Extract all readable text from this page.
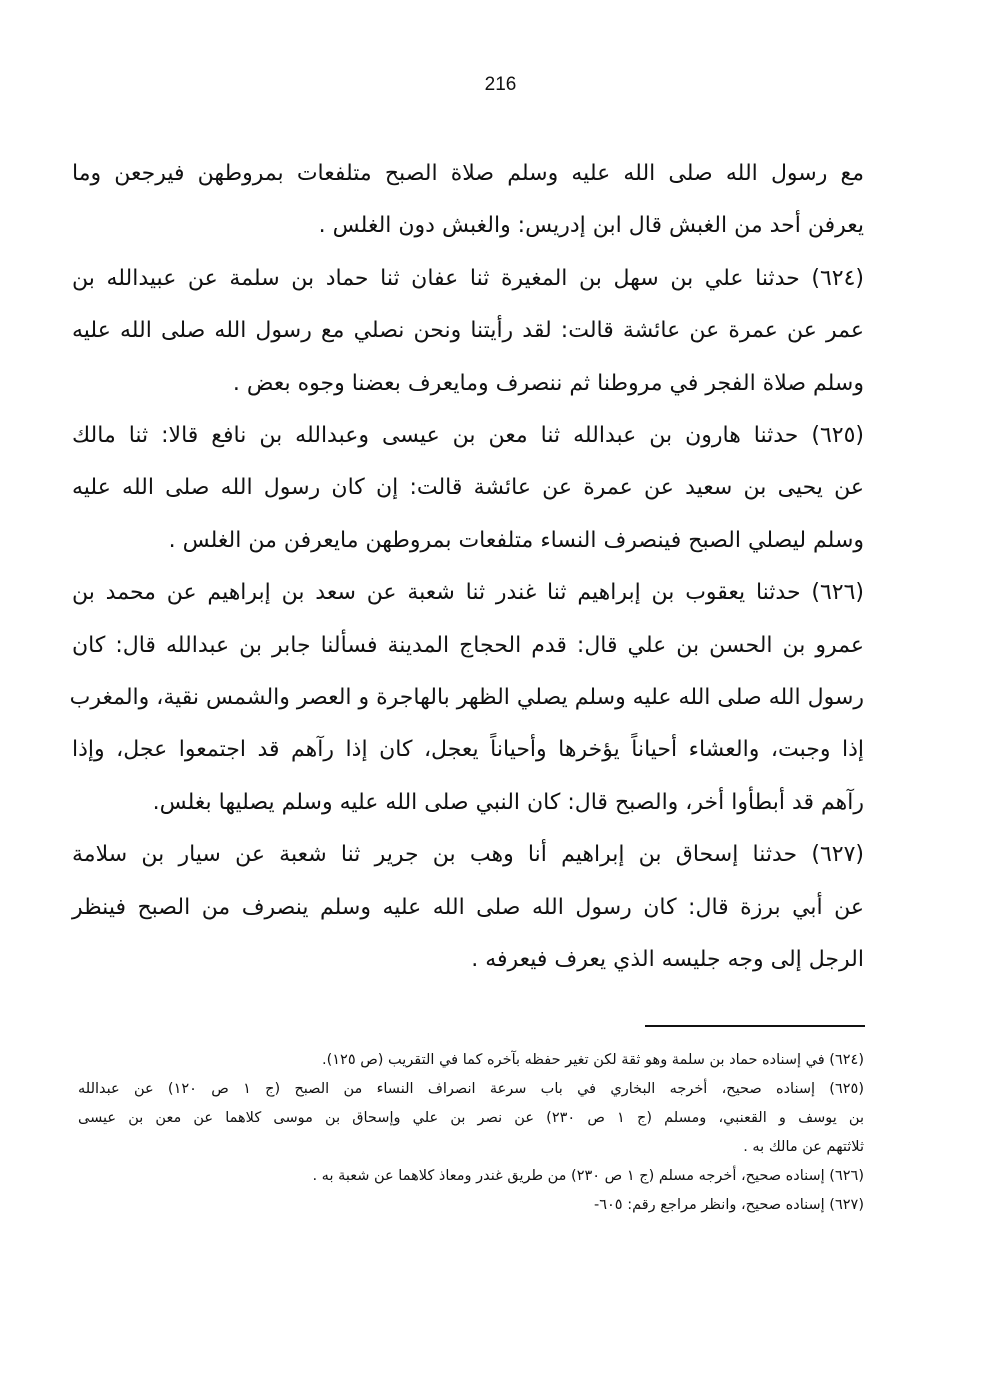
216
مع رسول الله صلى الله عليه وسلم صلاة الصبح متلفعات بمروطهن فيرجعن وما
يعرفن أحد من الغبش قال ابن إدريس: والغبش دون الغلس .
(٦٢٤) حدثنا علي بن سهل بن المغيرة ثنا عفان ثنا حماد بن سلمة عن عبيدالله بن
عمر عن عمرة عن عائشة قالت: لقد رأيتنا ونحن نصلي مع رسول الله صلى الله عليه
وسلم صلاة الفجر في مروطنا ثم ننصرف ومايعرف بعضنا وجوه بعض .
(٦٢٥) حدثنا هارون بن عبدالله ثنا معن بن عيسى وعبدالله بن نافع قالا: ثنا مالك
عن يحيى بن سعيد عن عمرة عن عائشة قالت: إن كان رسول الله صلى الله عليه
وسلم ليصلي الصبح فينصرف النساء متلفعات بمروطهن مايعرفن من الغلس .
(٦٢٦) حدثنا يعقوب بن إبراهيم ثنا غندر ثنا شعبة عن سعد بن إبراهيم عن محمد بن
عمرو بن الحسن بن علي قال: قدم الحجاج المدينة فسألنا جابر بن عبدالله قال: كان
رسول الله صلى الله عليه وسلم يصلي الظهر بالهاجرة و العصر والشمس نقية، والمغرب
إذا وجبت، والعشاء أحياناً يؤخرها وأحياناً يعجل، كان إذا رآهم قد اجتمعوا عجل، وإذا
رآهم قد أبطأوا أخر، والصبح قال: كان النبي صلى الله عليه وسلم يصليها بغلس.
(٦٢٧) حدثنا إسحاق بن إبراهيم أنا وهب بن جرير ثنا شعبة عن سيار بن سلامة
عن أبي برزة قال: كان رسول الله صلى الله عليه وسلم ينصرف من الصبح فينظر
الرجل إلى وجه جليسه الذي يعرف فيعرفه .
(٦٢٤) في إسناده حماد بن سلمة وهو ثقة لكن تغير حفظه بآخره كما في التقريب (ص ١٢٥).
(٦٢٥) إسناده صحيح، أخرجه البخاري في باب سرعة انصراف النساء من الصبح (ج ١ ص ١٢٠) عن عبدالله
بن يوسف و القعنبي، ومسلم (ج ١ ص ٢٣٠) عن نصر بن علي وإسحاق بن موسى كلاهما عن معن بن عيسى
ثلاثتهم عن مالك به .
(٦٢٦) إسناده صحيح، أخرجه مسلم (ج ١ ص ٢٣٠) من طريق غندر ومعاذ كلاهما عن شعبة به .
(٦٢٧) إسناده صحيح، وانظر مراجع رقم: ٦٠٥-
